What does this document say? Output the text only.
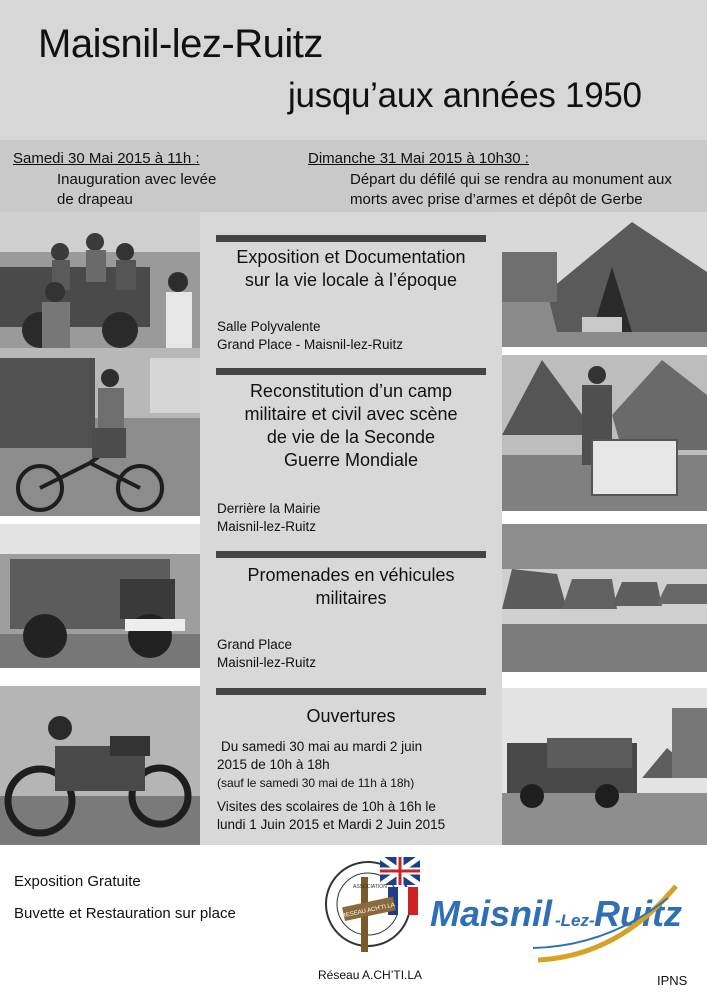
Maisnil-lez-Ruitz
jusqu’aux années 1950
Samedi 30 Mai 2015 à 11h :
Inauguration avec levée
de drapeau
Dimanche 31 Mai 2015 à 10h30 :
Départ du défilé qui se rendra au monument aux
morts avec prise d’armes et dépôt de Gerbe
Exposition et Documentation
sur la vie locale à l’époque
Salle Polyvalente
Grand Place - Maisnil-lez-Ruitz
Reconstitution d’un camp
militaire et civil avec scène
de vie de la Seconde
Guerre Mondiale
Derrière la Mairie
Maisnil-lez-Ruitz
Promenades en véhicules
militaires
Grand Place
Maisnil-lez-Ruitz
Ouvertures
Du samedi 30 mai au mardi 2 juin
2015 de 10h à 18h
(sauf le samedi 30 mai de 11h à 18h)
Visites des scolaires de 10h à 16h le
lundi 1 Juin 2015 et Mardi 2 Juin 2015
Exposition Gratuite
Buvette et Restauration sur place	RESEAU ACH'TI.LA
ASSOCIATION
Réseau A.CH’TI.LA
Maisnil -Lez- Ruitz
IPNS
